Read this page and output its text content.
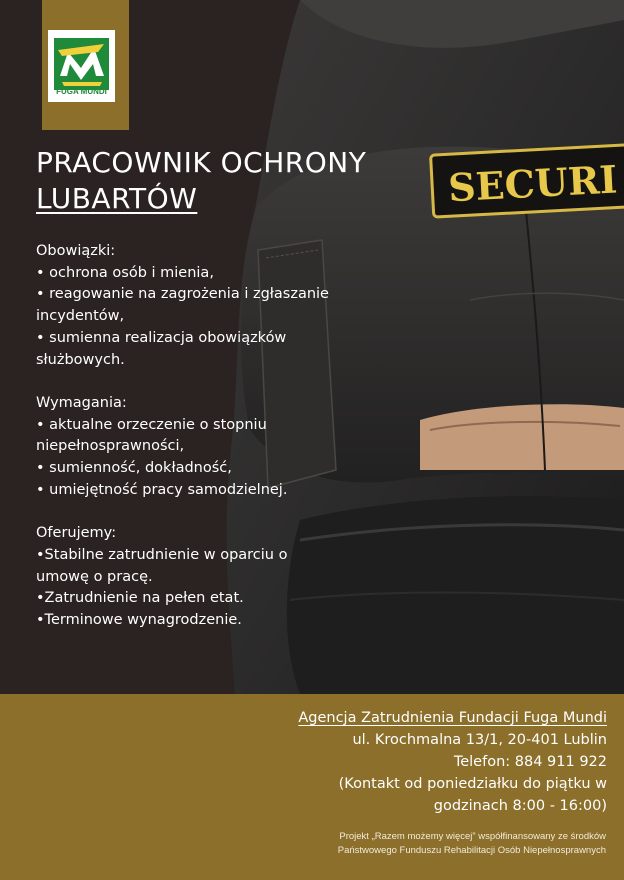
SECURI
FUGA MUNDI
PRACOWNIK OCHRONY
LUBARTÓW
Obowiązki:
• ochrona osób i mienia,
• reagowanie na zagrożenia i zgłaszanie
incydentów,
• sumienna realizacja obowiązków
służbowych.
Wymagania:
• aktualne orzeczenie o stopniu
niepełnosprawności,
• sumienność, dokładność,
• umiejętność pracy samodzielnej.
Oferujemy:
•Stabilne zatrudnienie w oparciu o
umowę o pracę.
•Zatrudnienie na pełen etat.
•Terminowe wynagrodzenie.
Agencja Zatrudnienia Fundacji Fuga Mundi
ul. Krochmalna 13/1, 20-401 Lublin
Telefon: 884 911 922
(Kontakt od poniedziałku do piątku w
godzinach 8:00 - 16:00)
Projekt „Razem możemy więcej” współfinansowany ze środków
Państwowego Funduszu Rehabilitacji Osób Niepełnosprawnych
